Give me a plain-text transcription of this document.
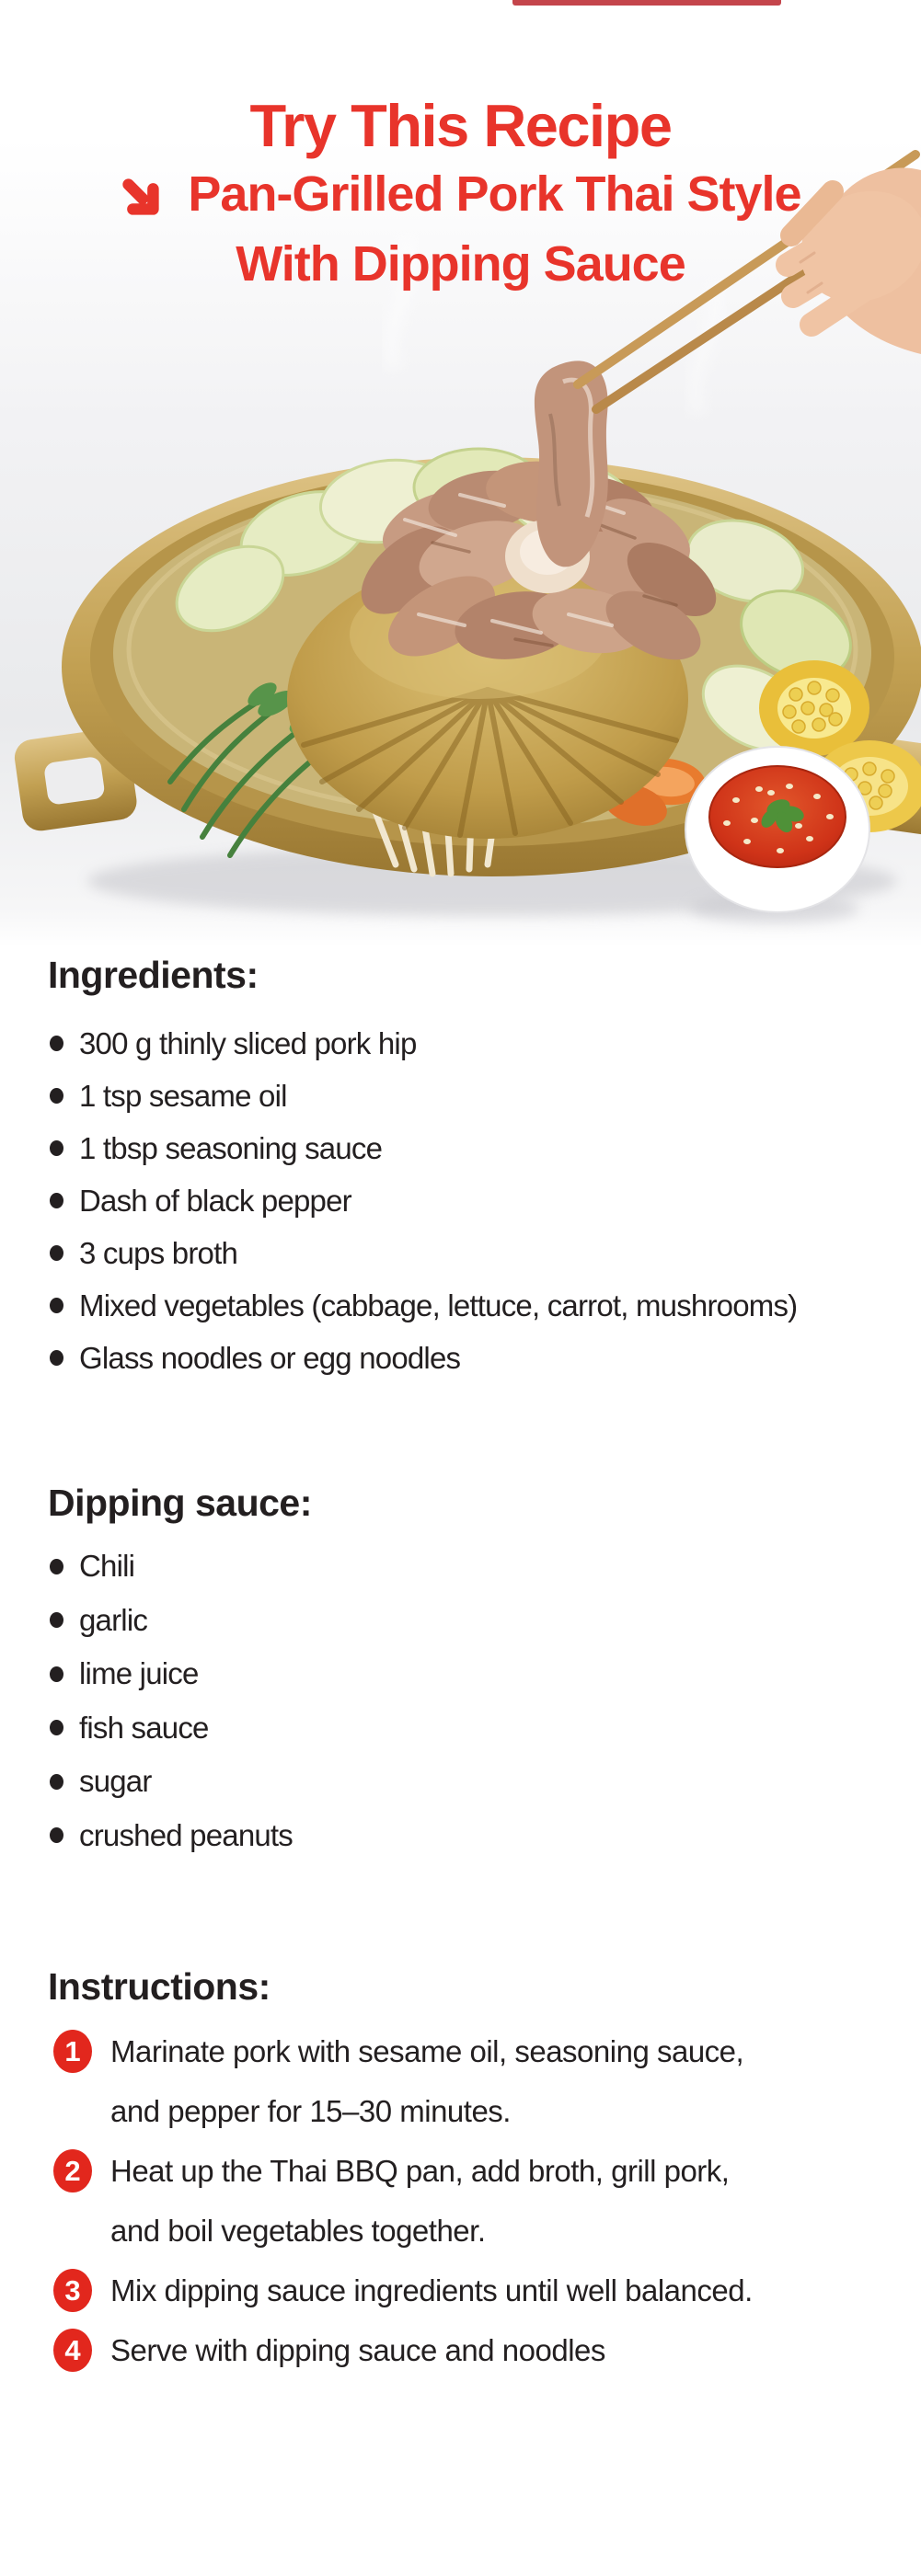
Try This Recipe
Pan-Grilled Pork Thai Style
With Dipping Sauce
Ingredients:
300 g thinly sliced pork hip
1 tsp sesame oil
1 tbsp seasoning sauce
Dash of black pepper
3 cups broth
Mixed vegetables (cabbage, lettuce, carrot, mushrooms)
Glass noodles or egg noodles
Dipping sauce:
Chili
garlic
lime juice
fish sauce
sugar
crushed peanuts
Instructions:
1 Marinate pork with sesame oil, seasoning sauce,
and pepper for 15–30 minutes.
2 Heat up the Thai BBQ pan, add broth, grill pork,
and boil vegetables together.
3 Mix dipping sauce ingredients until well balanced.
4 Serve with dipping sauce and noodles
